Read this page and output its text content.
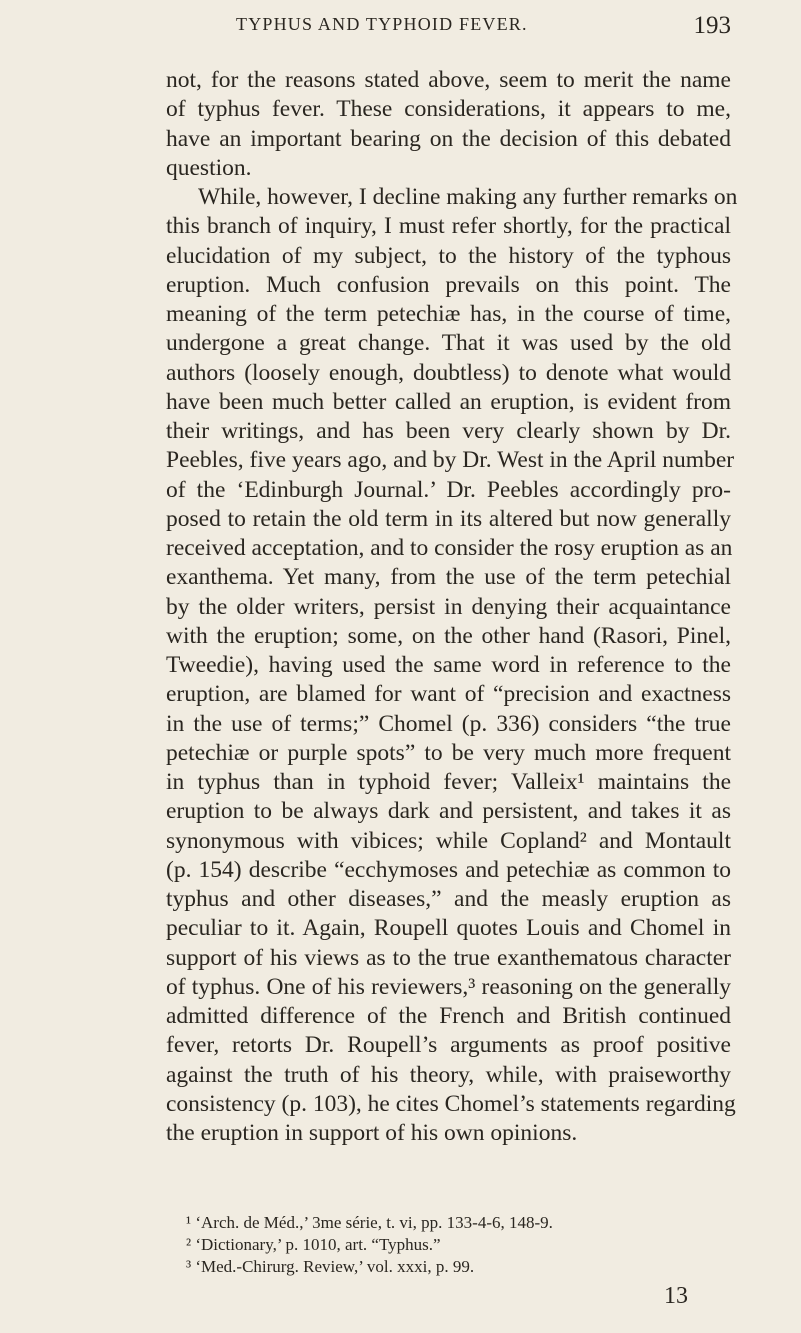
TYPHUS AND TYPHOID FEVER.	193
not, for the reasons stated above, seem to merit the name
of typhus fever. These considerations, it appears to me,
have an important bearing on the decision of this debated
question.
While, however, I decline making any further remarks on
this branch of inquiry, I must refer shortly, for the practical
elucidation of my subject, to the history of the typhous
eruption. Much confusion prevails on this point. The
meaning of the term petechiæ has, in the course of time,
undergone a great change. That it was used by the old
authors (loosely enough, doubtless) to denote what would
have been much better called an eruption, is evident from
their writings, and has been very clearly shown by Dr.
Peebles, five years ago, and by Dr. West in the April number
of the ‘Edinburgh Journal.’ Dr. Peebles accordingly pro-
posed to retain the old term in its altered but now generally
received acceptation, and to consider the rosy eruption as an
exanthema. Yet many, from the use of the term petechial
by the older writers, persist in denying their acquaintance
with the eruption; some, on the other hand (Rasori, Pinel,
Tweedie), having used the same word in reference to the
eruption, are blamed for want of “precision and exactness
in the use of terms;” Chomel (p. 336) considers “the true
petechiæ or purple spots” to be very much more frequent
in typhus than in typhoid fever; Valleix¹ maintains the
eruption to be always dark and persistent, and takes it as
synonymous with vibices; while Copland² and Montault
(p. 154) describe “ecchymoses and petechiæ as common to
typhus and other diseases,” and the measly eruption as
peculiar to it. Again, Roupell quotes Louis and Chomel in
support of his views as to the true exanthematous character
of typhus. One of his reviewers,³ reasoning on the generally
admitted difference of the French and British continued
fever, retorts Dr. Roupell’s arguments as proof positive
against the truth of his theory, while, with praiseworthy
consistency (p. 103), he cites Chomel’s statements regarding
the eruption in support of his own opinions.
¹ ‘Arch. de Méd.,’ 3me série, t. vi, pp. 133-4-6, 148-9.
² ‘Dictionary,’ p. 1010, art. “Typhus.”
³ ‘Med.-Chirurg. Review,’ vol. xxxi, p. 99.
13
